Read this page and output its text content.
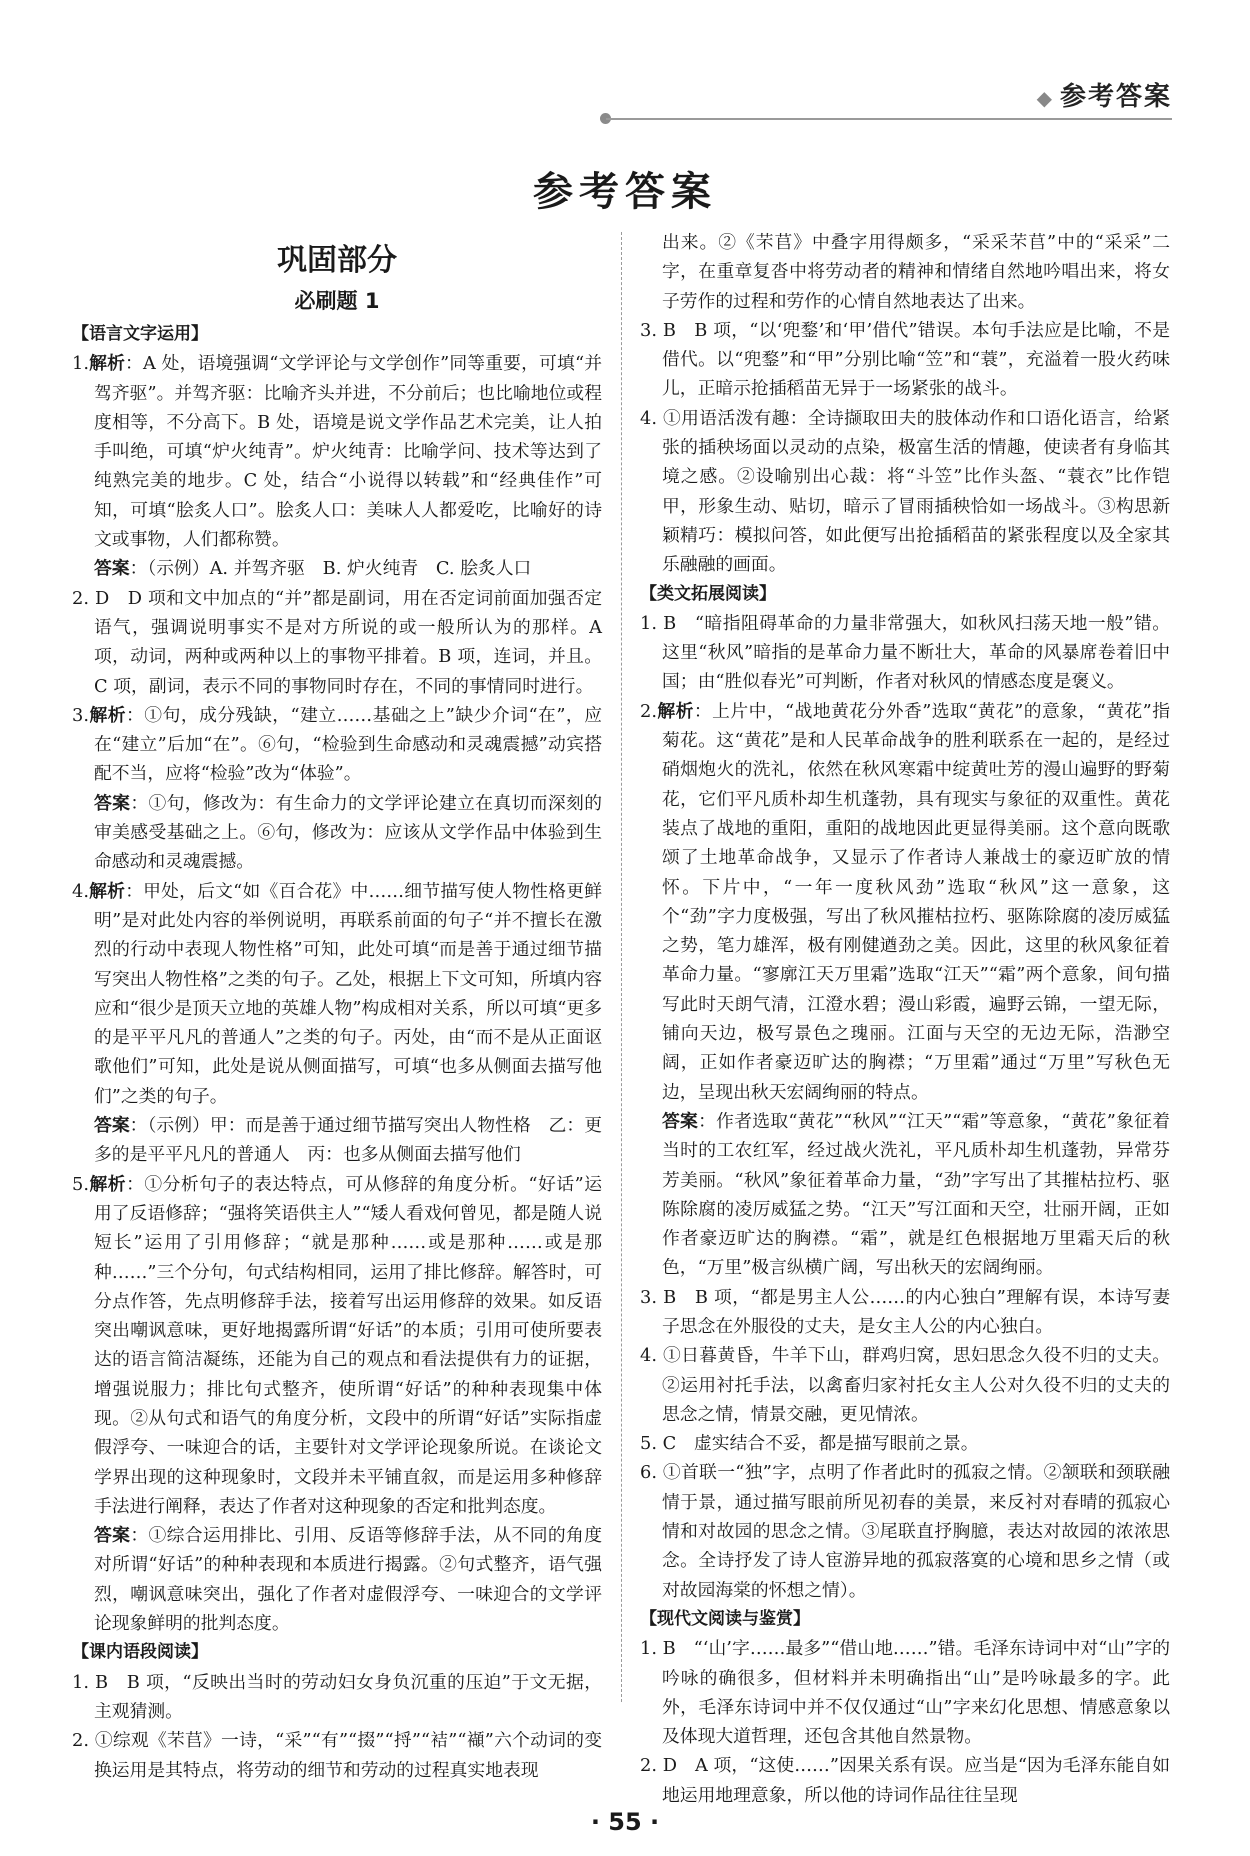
◆ 参考答案
参考答案
巩固部分
必刷题 1
【语言文字运用】

1.解析：A 处，语境强调“文学评论与文学创作”同等重要，可填“并驾齐驱”。并驾齐驱：比喻齐头并进，不分前后；也比喻地位或程度相等，不分高下。B 处，语境是说文学作品艺术完美，让人拍手叫绝，可填“炉火纯青”。炉火纯青：比喻学问、技术等达到了纯熟完美的地步。C 处，结合“小说得以转载”和“经典佳作”可知，可填“脍炙人口”。脍炙人口：美味人人都爱吃，比喻好的诗文或事物，人们都称赞。

答案：（示例）A. 并驾齐驱　B. 炉火纯青　C. 脍炙人口

2. D　D 项和文中加点的“并”都是副词，用在否定词前面加强否定语气，强调说明事实不是对方所说的或一般所认为的那样。A 项，动词，两种或两种以上的事物平排着。B 项，连词，并且。C 项，副词，表示不同的事物同时存在，不同的事情同时进行。

3.解析：①句，成分残缺，“建立……基础之上”缺少介词“在”，应在“建立”后加“在”。⑥句，“检验到生命感动和灵魂震撼”动宾搭配不当，应将“检验”改为“体验”。

答案：①句，修改为：有生命力的文学评论建立在真切而深刻的审美感受基础之上。⑥句，修改为：应该从文学作品中体验到生命感动和灵魂震撼。

4.解析：甲处，后文“如《百合花》中……细节描写使人物性格更鲜明”是对此处内容的举例说明，再联系前面的句子“并不擅长在激烈的行动中表现人物性格”可知，此处可填“而是善于通过细节描写突出人物性格”之类的句子。乙处，根据上下文可知，所填内容应和“很少是顶天立地的英雄人物”构成相对关系，所以可填“更多的是平平凡凡的普通人”之类的句子。丙处，由“而不是从正面讴歌他们”可知，此处是说从侧面描写，可填“也多从侧面去描写他们”之类的句子。

答案：（示例）甲：而是善于通过细节描写突出人物性格　乙：更多的是平平凡凡的普通人　丙：也多从侧面去描写他们

5.解析：①分析句子的表达特点，可从修辞的角度分析。“好话”运用了反语修辞；“强将笑语供主人”“矮人看戏何曾见，都是随人说短长”运用了引用修辞；“就是那种……或是那种……或是那种……”三个分句，句式结构相同，运用了排比修辞。解答时，可分点作答，先点明修辞手法，接着写出运用修辞的效果。如反语突出嘲讽意味，更好地揭露所谓“好话”的本质；引用可使所要表达的语言简洁凝练，还能为自己的观点和看法提供有力的证据，增强说服力；排比句式整齐，使所谓“好话”的种种表现集中体现。②从句式和语气的角度分析，文段中的所谓“好话”实际指虚假浮夸、一味迎合的话，主要针对文学评论现象所说。在谈论文学界出现的这种现象时，文段并未平铺直叙，而是运用多种修辞手法进行阐释，表达了作者对这种现象的否定和批判态度。

答案：①综合运用排比、引用、反语等修辞手法，从不同的角度对所谓“好话”的种种表现和本质进行揭露。②句式整齐，语气强烈，嘲讽意味突出，强化了作者对虚假浮夸、一味迎合的文学评论现象鲜明的批判态度。

【课内语段阅读】

1. B　B 项，“反映出当时的劳动妇女身负沉重的压迫”于文无据，主观猜测。

2. ①综观《芣苢》一诗，“采”“有”“掇”“捋”“袺”“襭”六个动词的变换运用是其特点，将劳动的细节和劳动的过程真实地表现

出来。②《芣苢》中叠字用得颇多，“采采芣苢”中的“采采”二字，在重章复沓中将劳动者的精神和情绪自然地吟唱出来，将女子劳作的过程和劳作的心情自然地表达了出来。

3. B　B 项，“以‘兜鍪’和‘甲’借代”错误。本句手法应是比喻，不是借代。以“兜鍪”和“甲”分别比喻“笠”和“蓑”，充溢着一股火药味儿，正暗示抢插稻苗无异于一场紧张的战斗。

4. ①用语活泼有趣：全诗撷取田夫的肢体动作和口语化语言，给紧张的插秧场面以灵动的点染，极富生活的情趣，使读者有身临其境之感。②设喻别出心裁：将“斗笠”比作头盔、“蓑衣”比作铠甲，形象生动、贴切，暗示了冒雨插秧恰如一场战斗。③构思新颖精巧：模拟问答，如此便写出抢插稻苗的紧张程度以及全家其乐融融的画面。

【类文拓展阅读】

1. B　“暗指阻碍革命的力量非常强大，如秋风扫荡天地一般”错。这里“秋风”暗指的是革命力量不断壮大，革命的风暴席卷着旧中国；由“胜似春光”可判断，作者对秋风的情感态度是褒义。

2.解析：上片中，“战地黄花分外香”选取“黄花”的意象，“黄花”指菊花。这“黄花”是和人民革命战争的胜利联系在一起的，是经过硝烟炮火的洗礼，依然在秋风寒霜中绽黄吐芳的漫山遍野的野菊花，它们平凡质朴却生机蓬勃，具有现实与象征的双重性。黄花装点了战地的重阳，重阳的战地因此更显得美丽。这个意向既歌颂了土地革命战争，又显示了作者诗人兼战士的豪迈旷放的情怀。下片中，“一年一度秋风劲”选取“秋风”这一意象，这个“劲”字力度极强，写出了秋风摧枯拉朽、驱陈除腐的凌厉威猛之势，笔力雄浑，极有刚健遒劲之美。因此，这里的秋风象征着革命力量。“寥廓江天万里霜”选取“江天”“霜”两个意象，间句描写此时天朗气清，江澄水碧；漫山彩霞，遍野云锦，一望无际，铺向天边，极写景色之瑰丽。江面与天空的无边无际，浩渺空阔，正如作者豪迈旷达的胸襟；“万里霜”通过“万里”写秋色无边，呈现出秋天宏阔绚丽的特点。

答案：作者选取“黄花”“秋风”“江天”“霜”等意象，“黄花”象征着当时的工农红军，经过战火洗礼，平凡质朴却生机蓬勃，异常芬芳美丽。“秋风”象征着革命力量，“劲”字写出了其摧枯拉朽、驱陈除腐的凌厉威猛之势。“江天”写江面和天空，壮丽开阔，正如作者豪迈旷达的胸襟。“霜”，就是红色根据地万里霜天后的秋色，“万里”极言纵横广阔，写出秋天的宏阔绚丽。

3. B　B 项，“都是男主人公……的内心独白”理解有误，本诗写妻子思念在外服役的丈夫，是女主人公的内心独白。

4. ①日暮黄昏，牛羊下山，群鸡归窝，思妇思念久役不归的丈夫。②运用衬托手法，以禽畜归家衬托女主人公对久役不归的丈夫的思念之情，情景交融，更见情浓。

5. C　虚实结合不妥，都是描写眼前之景。

6. ①首联一“独”字，点明了作者此时的孤寂之情。②颔联和颈联融情于景，通过描写眼前所见初春的美景，来反衬对春晴的孤寂心情和对故园的思念之情。③尾联直抒胸臆，表达对故园的浓浓思念。全诗抒发了诗人宦游异地的孤寂落寞的心境和思乡之情（或对故园海棠的怀想之情）。

【现代文阅读与鉴赏】

1. B　“‘山’字……最多”“借山地……”错。毛泽东诗词中对“山”字的吟咏的确很多，但材料并未明确指出“山”是吟咏最多的字。此外，毛泽东诗词中并不仅仅通过“山”字来幻化思想、情感意象以及体现大道哲理，还包含其他自然景物。

2. D　A 项，“这使……”因果关系有误。应当是“因为毛泽东能自如地运用地理意象，所以他的诗词作品往往呈现

· 55 ·
